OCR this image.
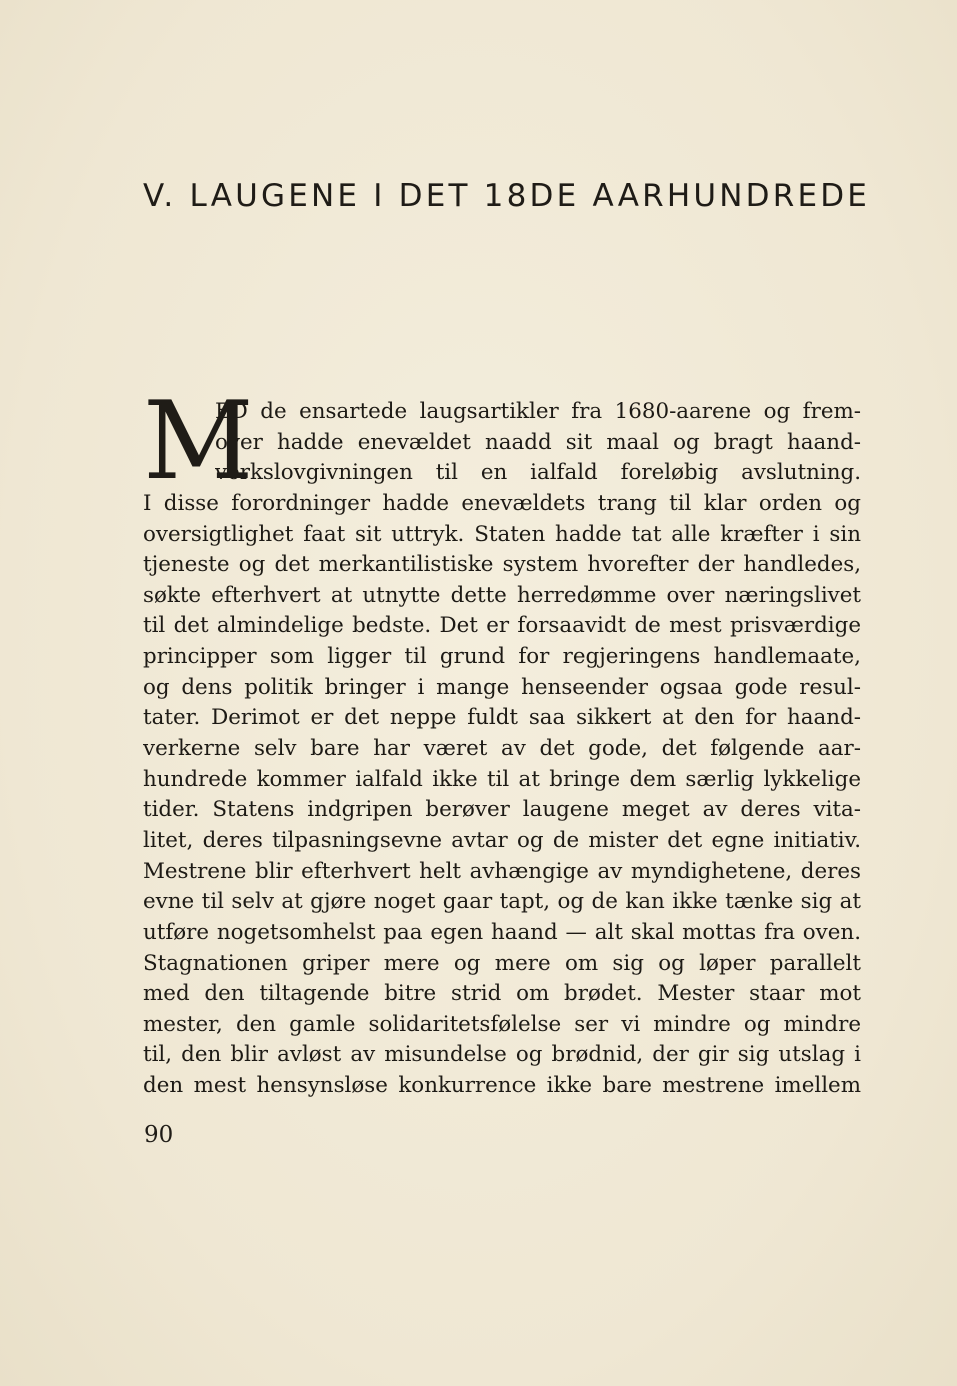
V. LAUGENE I DET 18DE AARHUNDREDE
M
ED de ensartede laugsartikler fra 1680-aarene og frem-
over hadde enevældet naadd sit maal og bragt haand-
verkslovgivningen til en ialfald foreløbig avslutning.
I disse forordninger hadde enevældets trang til klar orden og
oversigtlighet faat sit uttryk. Staten hadde tat alle kræfter i sin
tjeneste og det merkantilistiske system hvorefter der handledes,
søkte efterhvert at utnytte dette herredømme over næringslivet
til det almindelige bedste. Det er forsaavidt de mest prisværdige
principper som ligger til grund for regjeringens handlemaate,
og dens politik bringer i mange henseender ogsaa gode resul-
tater. Derimot er det neppe fuldt saa sikkert at den for haand-
verkerne selv bare har været av det gode, det følgende aar-
hundrede kommer ialfald ikke til at bringe dem særlig lykkelige
tider. Statens indgripen berøver laugene meget av deres vita-
litet, deres tilpasningsevne avtar og de mister det egne initiativ.
Mestrene blir efterhvert helt avhængige av myndighetene, deres
evne til selv at gjøre noget gaar tapt, og de kan ikke tænke sig at
utføre nogetsomhelst paa egen haand — alt skal mottas fra oven.
Stagnationen griper mere og mere om sig og løper parallelt
med den tiltagende bitre strid om brødet. Mester staar mot
mester, den gamle solidaritetsfølelse ser vi mindre og mindre
til, den blir avløst av misundelse og brødnid, der gir sig utslag i
den mest hensynsløse konkurrence ikke bare mestrene imellem
90
